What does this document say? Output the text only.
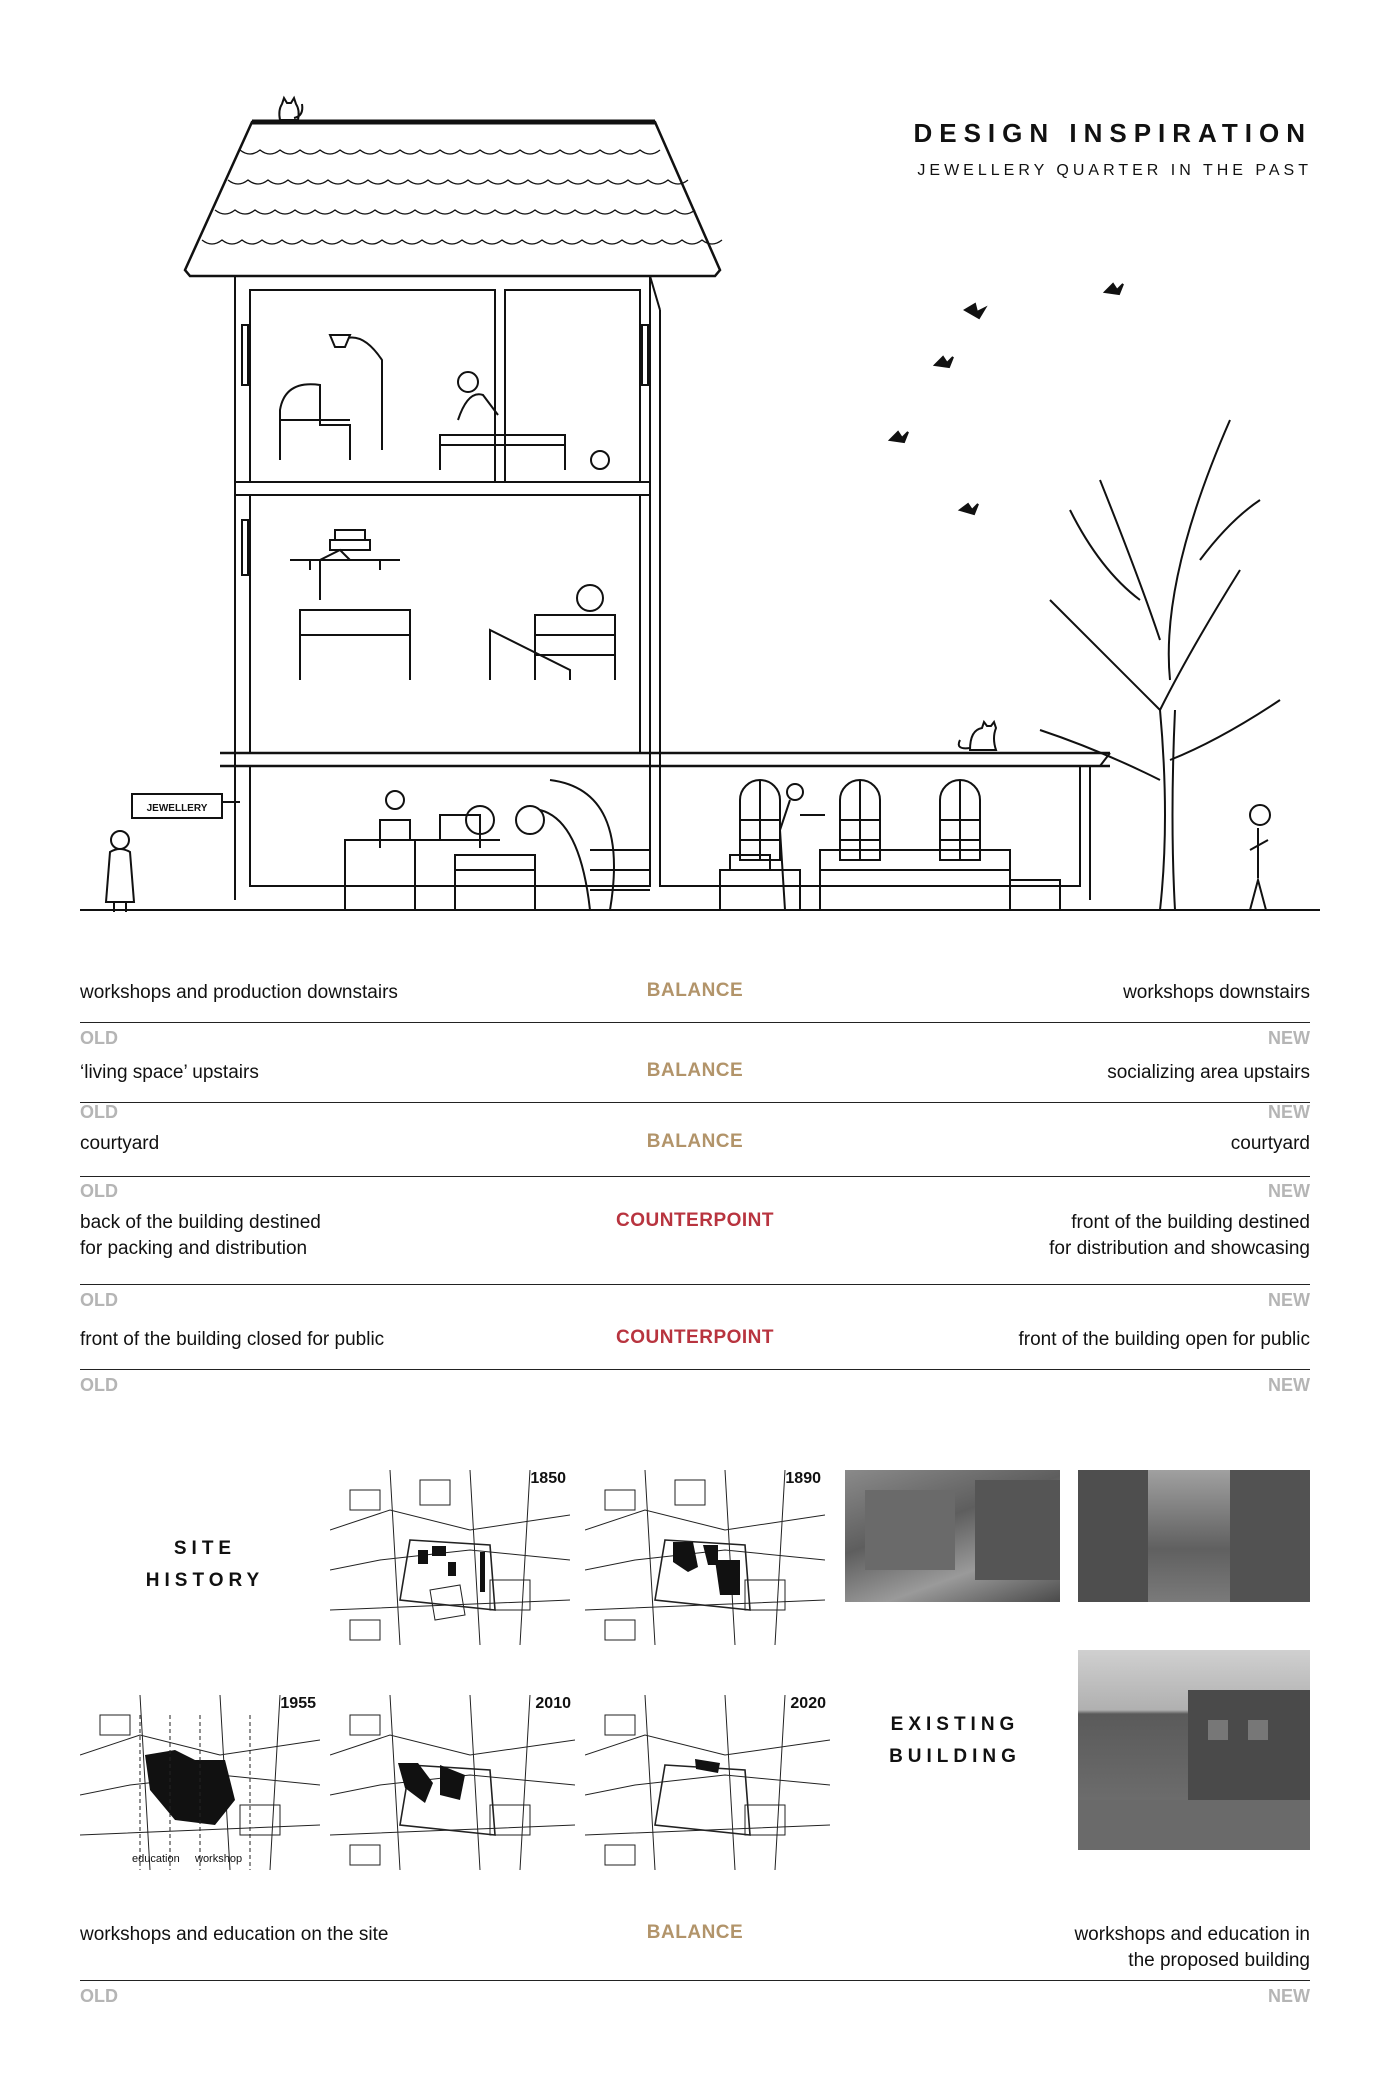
DESIGN INSPIRATION
JEWELLERY QUARTER IN THE PAST
JEWELLERY
workshops and production downstairs	BALANCE	workshops downstairs
OLD	NEW
‘living space’ upstairs	BALANCE	socializing area upstairs
OLD	NEW
courtyard	BALANCE	courtyard
OLD	NEW
back of the building destined
for packing and distribution
COUNTERPOINT	front of the building destined
for distribution and showcasing
OLD	NEW
front of the building closed for public	COUNTERPOINT	front of the building open for public
OLD	NEW
SITE
HISTORY
1850	1890
1955
education workshop
2010	2020
EXISTING
BUILDING
workshops and education on the site	BALANCE	workshops and education in
the proposed building
OLD	NEW
